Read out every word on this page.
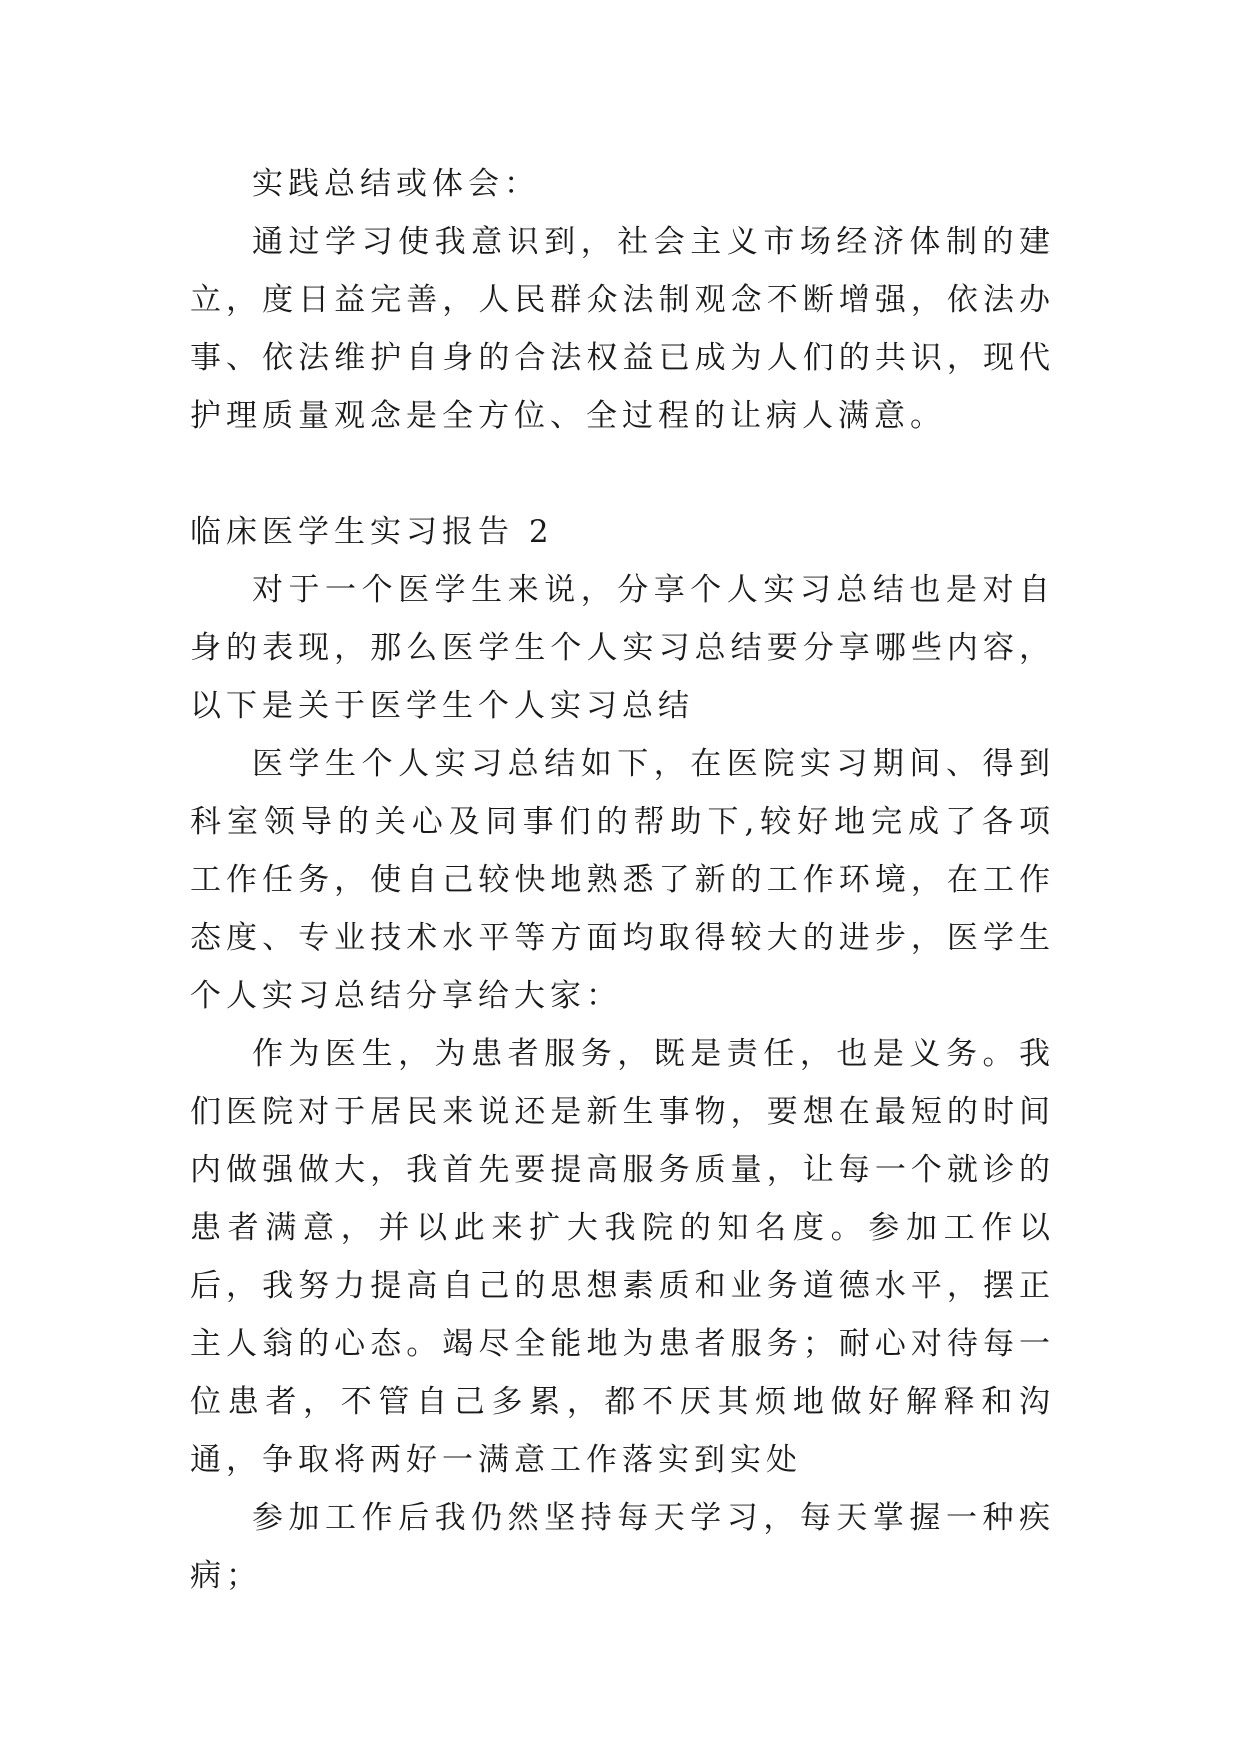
实践总结或体会：

通过学习使我意识到，社会主义市场经济体制的建立，度日益完善，人民群众法制观念不断增强，依法办事、依法维护自身的合法权益已成为人们的共识，现代护理质量观念是全方位、全过程的让病人满意。

临床医学生实习报告 2

对于一个医学生来说，分享个人实习总结也是对自身的表现，那么医学生个人实习总结要分享哪些内容，以下是关于医学生个人实习总结

医学生个人实习总结如下，在医院实习期间、得到科室领导的关心及同事们的帮助下,较好地完成了各项工作任务，使自己较快地熟悉了新的工作环境，在工作态度、专业技术水平等方面均取得较大的进步，医学生个人实习总结分享给大家：

作为医生，为患者服务，既是责任，也是义务。我们医院对于居民来说还是新生事物，要想在最短的时间内做强做大，我首先要提高服务质量，让每一个就诊的患者满意，并以此来扩大我院的知名度。参加工作以后，我努力提高自己的思想素质和业务道德水平，摆正主人翁的心态。竭尽全能地为患者服务；耐心对待每一位患者，不管自己多累，都不厌其烦地做好解释和沟通，争取将两好一满意工作落实到实处

参加工作后我仍然坚持每天学习，每天掌握一种疾病；
